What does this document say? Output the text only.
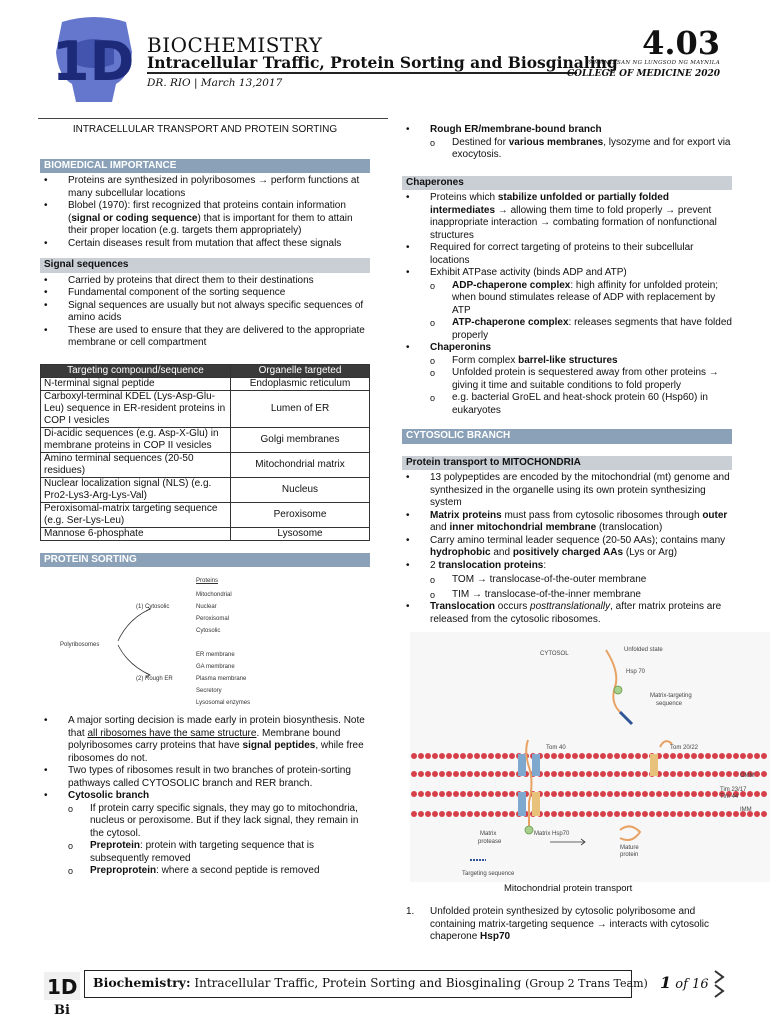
1D BIOCHEMISTRY
Intracellular Traffic, Protein Sorting and Biosginaling
DR. RIO | March 13,2017
4.03
PAMANTASAN NG LUNGSOD NG MAYNILA
COLLEGE OF MEDICINE 2020
INTRACELLULAR TRANSPORT AND PROTEIN SORTING
BIOMEDICAL IMPORTANCE
• Proteins are synthesized in polyribosomes → perform functions at many subcellular locations
• Blobel (1970): first recognized that proteins contain information (signal or coding sequence) that is important for them to attain their proper location (e.g. targets them appropriately)
• Certain diseases result from mutation that affect these signals
Signal sequences
• Carried by proteins that direct them to their destinations
• Fundamental component of the sorting sequence
• Signal sequences are usually but not always specific sequences of amino acids
• These are used to ensure that they are delivered to the appropriate membrane or cell compartment
Targeting compound/sequence	Organelle targeted
N-terminal signal peptide	Endoplasmic reticulum
Carboxyl-terminal KDEL (Lys-Asp-Glu-Leu) sequence in ER-resident proteins in COP I vesicles	Lumen of ER
Di-acidic sequences (e.g. Asp-X-Glu) in membrane proteins in COP II vesicles	Golgi membranes
Amino terminal sequences (20-50 residues)	Mitochondrial matrix
Nuclear localization signal (NLS) (e.g. Pro2-Lys3-Arg-Lys-Val)	Nucleus
Peroxisomal-matrix targeting sequence (e.g. Ser-Lys-Leu)	Peroxisome
Mannose 6-phosphate	Lysosome
PROTEIN SORTING
Proteins
Mitochondrial
Nuclear
Peroxisomal
Cytosolic
(1) Cytosolic
Polyribosomes
(2) Rough ER
ER membrane
GA membrane
Plasma membrane
Secretory
Lysosomal enzymes
• A major sorting decision is made early in protein biosynthesis. Note that all ribosomes have the same structure. Membrane bound polyribosomes carry proteins that have signal peptides, while free ribosomes do not.
• Two types of ribosomes result in two branches of protein-sorting pathways called CYTOSOLIC branch and RER branch.
• Cytosolic branch
o If protein carry specific signals, they may go to mitochondria, nucleus or peroxisome. But if they lack signal, they remain in the cytosol.
o Preprotein: protein with targeting sequence that is subsequently removed
o Preproprotein: where a second peptide is removed
• Rough ER/membrane-bound branch
o Destined for various membranes, lysozyme and for export via exocytosis.
Chaperones
• Proteins which stabilize unfolded or partially folded intermediates → allowing them time to fold properly → prevent inappropriate interaction → combating formation of nonfunctional structures
• Required for correct targeting of proteins to their subcellular locations
• Exhibit ATPase activity (binds ADP and ATP)
o ADP-chaperone complex: high affinity for unfolded protein; when bound stimulates release of ADP with replacement by ATP
o ATP-chaperone complex: releases segments that have folded properly
• Chaperonins
o Form complex barrel-like structures
o Unfolded protein is sequestered away from other proteins → giving it time and suitable conditions to fold properly
o e.g. bacterial GroEL and heat-shock protein 60 (Hsp60) in eukaryotes
CYTOSOLIC BRANCH
Protein transport to MITOCHONDRIA
• 13 polypeptides are encoded by the mitochondrial (mt) genome and synthesized in the organelle using its own protein synthesizing system
• Matrix proteins must pass from cytosolic ribosomes through outer and inner mitochondrial membrane (translocation)
• Carry amino terminal leader sequence (20-50 AAs); contains many hydrophobic and positively charged AAs (Lys or Arg)
• 2 translocation proteins:
o TOM → translocase-of-the-outer membrane
o TIM → translocase-of-the-inner membrane
• Translocation occurs posttranslationally, after matrix proteins are released from the cytosolic ribosomes.
CYTOSOL
Unfolded state
Hsp 70
Matrix-targeting
sequence
Tom 40	Tom 20/22
OMM
Tim 23/17
Tim 44
IMM
Matrix
protease
Matrix Hsp70
Mature
protein
Targeting sequence
Mitochondrial protein transport
1. Unfolded protein synthesized by cytosolic polyribosome and containing matrix-targeting sequence → interacts with cytosolic chaperone Hsp70
1D	Biochemistry: Intracellular Traffic, Protein Sorting and Biosginaling (Group 2 Trans Team) 1 of 16
Bi
